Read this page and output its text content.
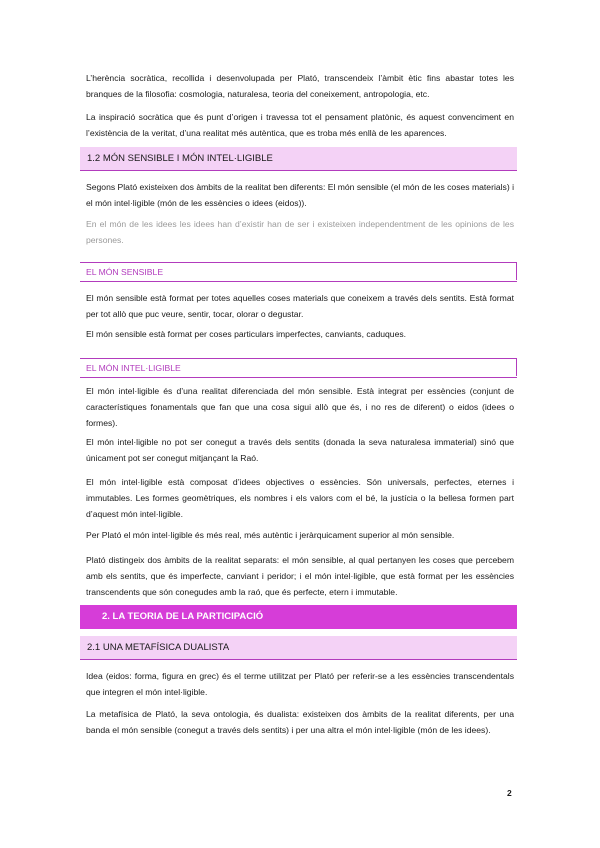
L’herència socràtica, recollida i desenvolupada per Plató, transcendeix l’àmbit ètic fins abastar totes les branques de la filosofia: cosmologia, naturalesa, teoria del coneixement, antropologia, etc.

La inspiració socràtica que és punt d’origen i travessa tot el pensament platònic, és aquest convenciment en l’existència de la veritat, d’una realitat més autèntica, que es troba més enllà de les aparences.

1.2 MÓN SENSIBLE I MÓN INTEL·LIGIBLE

Segons Plató existeixen dos àmbits de la realitat ben diferents: El món sensible (el món de les coses materials) i el món intel·ligible (món de les essències o idees (eidos)).

En el món de les idees les idees han d’existir han de ser i existeixen independentment de les opinions de les persones.

EL MÓN SENSIBLE

El món sensible està format per totes aquelles coses materials que coneixem a través dels sentits. Està format per tot allò que puc veure, sentir, tocar, olorar o degustar.

El món sensible està format per coses particulars imperfectes, canviants, caduques.

EL MÓN INTEL·LIGIBLE

El món intel·ligible és d’una realitat diferenciada del món sensible. Està integrat per essències (conjunt de característiques fonamentals que fan que una cosa sigui allò que és, i no res de diferent) o eidos (idees o formes).

El món intel·ligible no pot ser conegut a través dels sentits (donada la seva naturalesa immaterial) sinó que únicament pot ser conegut mitjançant la Raó.

El món intel·ligible està composat d’idees objectives o essències. Són universals, perfectes, eternes i immutables. Les formes geomètriques, els nombres i els valors com el bé, la justícia o la bellesa formen part d’aquest món intel·ligible.

Per Plató el món intel·ligible és més real, més autèntic i jeràrquicament superior al món sensible.

Plató distingeix dos àmbits de la realitat separats: el món sensible, al qual pertanyen les coses que percebem amb els sentits, que és imperfecte, canviant i peridor; i el món intel·ligible, que està format per les essències transcendents que són conegudes amb la raó, que és perfecte, etern i immutable.

2. LA TEORIA DE LA PARTICIPACIÓ
2.1 UNA METAFÍSICA DUALISTA

Idea (eidos: forma, figura en grec) és el terme utilitzat per Plató per referir-se a les essències transcendentals que integren el món intel·ligible.

La metafísica de Plató, la seva ontologia, és dualista: existeixen dos àmbits de la realitat diferents, per una banda el món sensible (conegut a través dels sentits) i per una altra el món intel·ligible (món de les idees).

2
